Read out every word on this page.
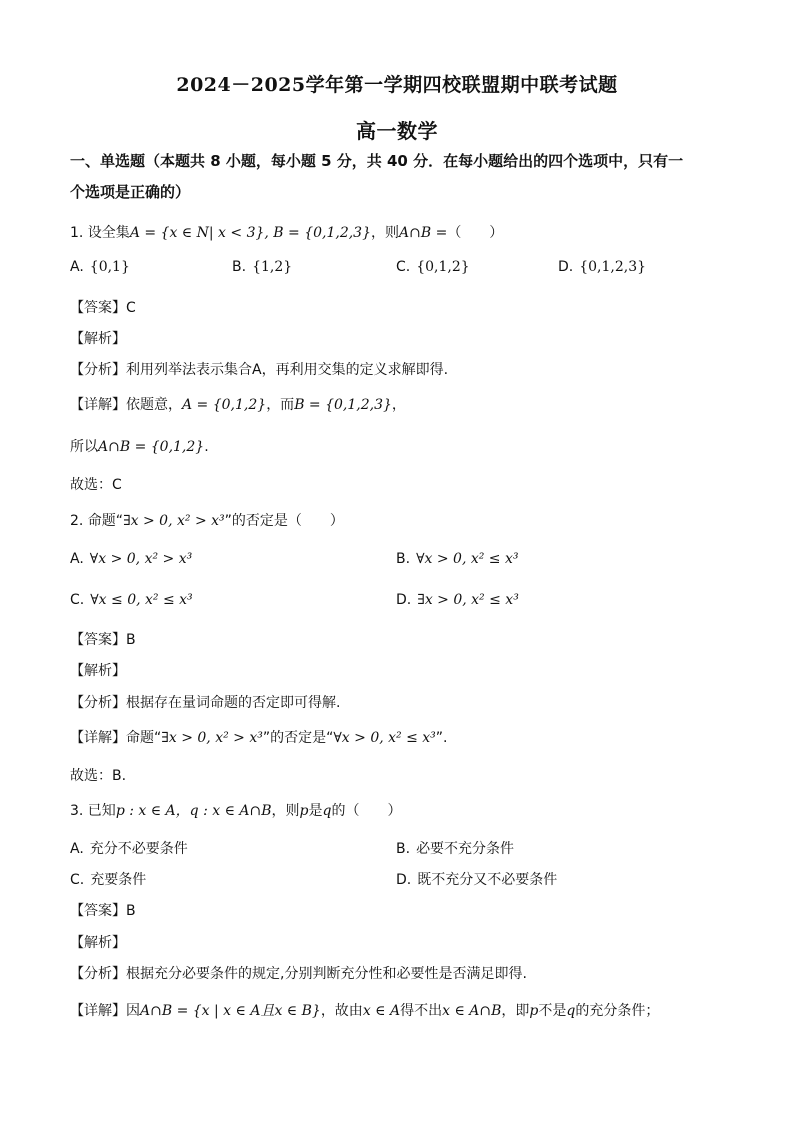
2024－2025学年第一学期四校联盟期中联考试题
高一数学
一、单选题（本题共 8 小题，每小题 5 分，共 40 分．在每小题给出的四个选项中，只有一
个选项是正确的）
1. 设全集A = {x ∈ N| x < 3}, B = {0,1,2,3}，则A∩B =（　　）
A. {0,1}	B. {1,2}	C. {0,1,2}	D. {0,1,2,3}
【答案】C
【解析】
【分析】利用列举法表示集合A，再利用交集的定义求解即得.
【详解】依题意，A = {0,1,2}，而B = {0,1,2,3}，
所以A∩B = {0,1,2}.
故选：C
2. 命题“∃x > 0, x² > x³”的否定是（　　）
A. ∀x > 0, x² > x³	B. ∀x > 0, x² ≤ x³
C. ∀x ≤ 0, x² ≤ x³	D. ∃x > 0, x² ≤ x³
【答案】B
【解析】
【分析】根据存在量词命题的否定即可得解.
【详解】命题“∃x > 0, x² > x³”的否定是“∀x > 0, x² ≤ x³”.
故选：B.
3. 已知p : x ∈ A，q : x ∈ A∩B，则p是q的（　　）
A. 充分不必要条件	B. 必要不充分条件
C. 充要条件	D. 既不充分又不必要条件
【答案】B
【解析】
【分析】根据充分必要条件的规定,分别判断充分性和必要性是否满足即得.
【详解】因A∩B = {x | x ∈ A且x ∈ B}，故由x ∈ A得不出x ∈ A∩B，即p不是q的充分条件；
